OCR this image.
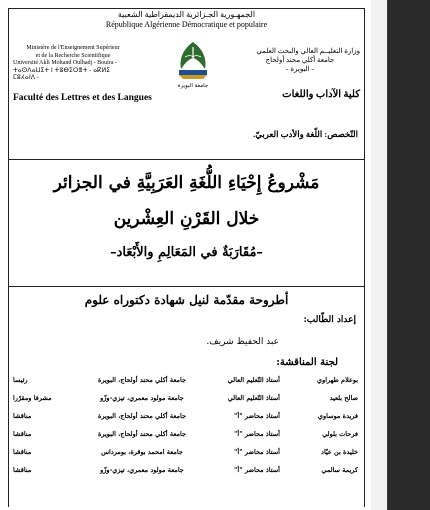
الجمهـورية الجـزائرية الديمقراطية الشعبية
République Algérienne Démocratique et populaire
Ministère de l'Enseignement Supérieur
et de la Recherche Scientifique
Université Akli Mohand Oulhadj - Bouira -
ⵜⴰⵙⴷⴰⵡⵉⵜ ⵏ ⵜⵓⴱⵉⵔⴻⵜ - ⴰⴽⵍⵉ ⵎⵓⵃⴰⵏⴷ -
Faculté des Lettres et des Langues
وزارة التعليــم العالي والبحث العلمي
جامعة أكلي محند أولحاج
- البويرة -
كلية الآداب واللغات
جامعة البويرة
التّخصص: اللّغة والأدب العربيّ.
مَشْروعُ إِحْيَاءِ اللُّغَةِ العَرَبِيَّةِ في الجزائر
خلال القَرْنِ العِشْرين
–مُقَارَبَةٌ في المَعَالِمِ والأَبْعَاد–
أطروحة مقدّمة لنيل شهادة دكتوراه علوم
إعداد الطّالب:
عبد الحفيظ شريف.
لجنة المناقشة:
بوعلام طهراوي
أستاذ التّعليم العالي
جامعة أكلي محند أولحاج، البويرة
رئيسا
صالح بلعيد
أستاذ التّعليم العالي
جامعة مولود معمري، تيزي-وزّو
مشرفا ومقرّرا
فريدة موساوي
أستاذ محاضر "أ"
جامعة أكلي محند أولحاج، البويرة
مناقشا
فرحات بلولي
أستاذ محاضر "أ"
جامعة أكلي محند أولحاج، البويرة
مناقشا
خليدة بن عيّاد
أستاذ محاضر "أ"
جامعة امحمد بوقرة، بومرداس
مناقشا
كريمة سالمي
أستاذ محاضر "أ"
جامعة مولود معمري، تيزي-وزّو
مناقشا
